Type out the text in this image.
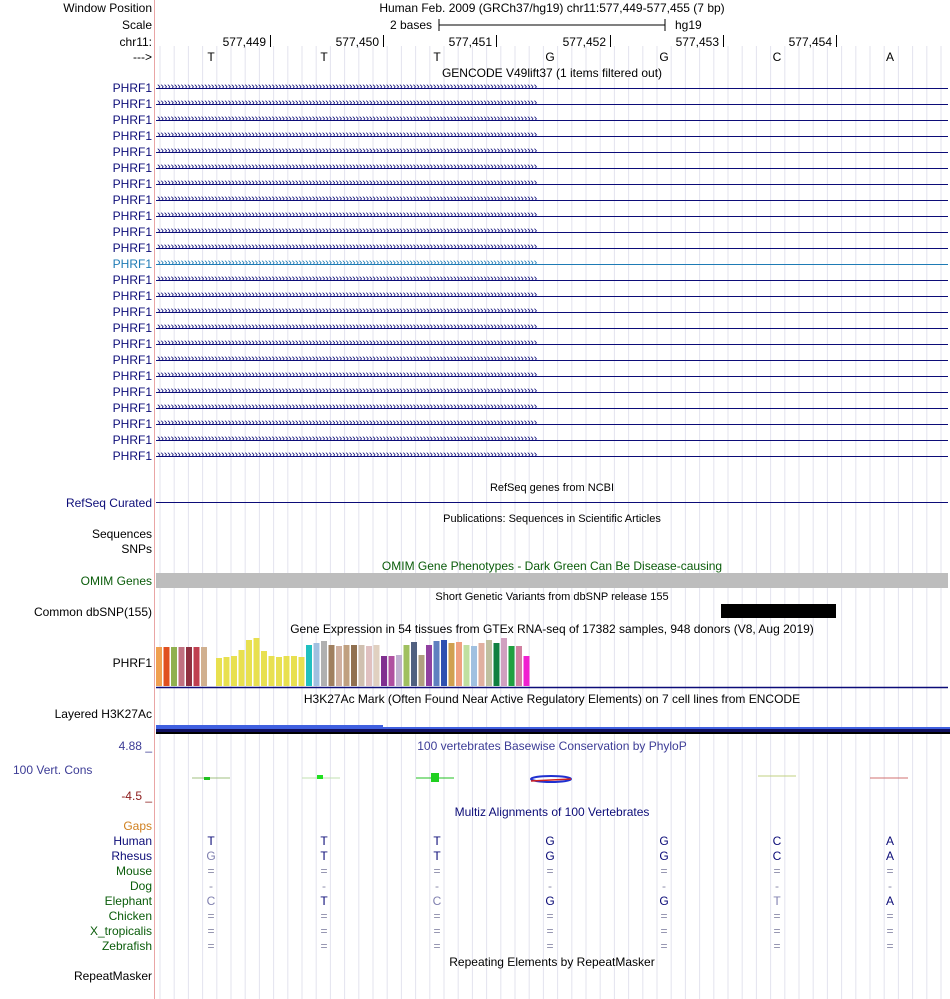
Window Position	Human Feb. 2009 (GRCh37/hg19) chr11:577,449-577,455 (7 bp)
Scale	2 bases	hg19
chr11:	577,449	577,450	577,451	577,452	577,453	577,454
--->	T	T	T	G	G	C	A
GENCODE V49lift37 (1 items filtered out)
PHRF1 ›››››››››››››››››››››››››››››››››››››››››››››››››››››››››››››››››››››››››››››››››››››››››››››››››››››››››››››››››
PHRF1 ›››››››››››››››››››››››››››››››››››››››››››››››››››››››››››››››››››››››››››››››››››››››››››››››››››››››››››››››››
PHRF1 ›››››››››››››››››››››››››››››››››››››››››››››››››››››››››››››››››››››››››››››››››››››››››››››››››››››››››››››››››
PHRF1 ›››››››››››››››››››››››››››››››››››››››››››››››››››››››››››››››››››››››››››››››››››››››››››››››››››››››››››››››››
PHRF1 ›››››››››››››››››››››››››››››››››››››››››››››››››››››››››››››››››››››››››››››››››››››››››››››››››››››››››››››››››
PHRF1 ›››››››››››››››››››››››››››››››››››››››››››››››››››››››››››››››››››››››››››››››››››››››››››››››››››››››››››››››››
PHRF1 ›››››››››››››››››››››››››››››››››››››››››››››››››››››››››››››››››››››››››››››››››››››››››››››››››››››››››››››››››
PHRF1 ›››››››››››››››››››››››››››››››››››››››››››››››››››››››››››››››››››››››››››››››››››››››››››››››››››››››››››››››››
PHRF1 ›››››››››››››››››››››››››››››››››››››››››››››››››››››››››››››››››››››››››››››››››››››››››››››››››››››››››››››››››
PHRF1 ›››››››››››››››››››››››››››››››››››››››››››››››››››››››››››››››››››››››››››››››››››››››››››››››››››››››››››››››››
PHRF1 ›››››››››››››››››››››››››››››››››››››››››››››››››››››››››››››››››››››››››››››››››››››››››››››››››››››››››››››››››
PHRF1 ›››››››››››››››››››››››››››››››››››››››››››››››››››››››››››››››››››››››››››››››››››››››››››››››››››››››››››››››››
PHRF1 ›››››››››››››››››››››››››››››››››››››››››››››››››››››››››››››››››››››››››››››››››››››››››››››››››››››››››››››››››
PHRF1 ›››››››››››››››››››››››››››››››››››››››››››››››››››››››››››››››››››››››››››››››››››››››››››››››››››››››››››››››››
PHRF1 ›››››››››››››››››››››››››››››››››››››››››››››››››››››››››››››››››››››››››››››››››››››››››››››››››››››››››››››››››
PHRF1 ›››››››››››››››››››››››››››››››››››››››››››››››››››››››››››››››››››››››››››››››››››››››››››››››››››››››››››››››››
PHRF1 ›››››››››››››››››››››››››››››››››››››››››››››››››››››››››››››››››››››››››››››››››››››››››››››››››››››››››››››››››
PHRF1 ›››››››››››››››››››››››››››››››››››››››››››››››››››››››››››››››››››››››››››››››››››››››››››››››››››››››››››››››››
PHRF1 ›››››››››››››››››››››››››››››››››››››››››››››››››››››››››››››››››››››››››››››››››››››››››››››››››››››››››››››››››
PHRF1 ›››››››››››››››››››››››››››››››››››››››››››››››››››››››››››››››››››››››››››››››››››››››››››››››››››››››››››››››››
PHRF1 ›››››››››››››››››››››››››››››››››››››››››››››››››››››››››››››››››››››››››››››››››››››››››››››››››››››››››››››››››
PHRF1 ›››››››››››››››››››››››››››››››››››››››››››››››››››››››››››››››››››››››››››››››››››››››››››››››››››››››››››››››››
PHRF1 ›››››››››››››››››››››››››››››››››››››››››››››››››››››››››››››››››››››››››››››››››››››››››››››››››››››››››››››››››
PHRF1 ›››››››››››››››››››››››››››››››››››››››››››››››››››››››››››››››››››››››››››››››››››››››››››››››››››››››››››››››››
RefSeq genes from NCBI
RefSeq Curated
Publications: Sequences in Scientific Articles
Sequences
SNPs
OMIM Gene Phenotypes - Dark Green Can Be Disease-causing
OMIM Genes
Short Genetic Variants from dbSNP release 155
Common dbSNP(155)
Gene Expression in 54 tissues from GTEx RNA-seq of 17382 samples, 948 donors (V8, Aug 2019)
PHRF1
H3K27Ac Mark (Often Found Near Active Regulatory Elements) on 7 cell lines from ENCODE
Layered H3K27Ac
4.88 _	100 vertebrates Basewise Conservation by PhyloP
100 Vert. Cons
-4.5 _
Multiz Alignments of 100 Vertebrates
Gaps
Human	T	T	T	G	G	C	A
Rhesus	G	T	T	G	G	C	A
Mouse	=	=	=	=	=	=	=
Dog	-	-	-	-	-	-	-
Elephant	C	T	C	G	G	T	A
Chicken	=	=	=	=	=	=	=
X_tropicalis	=	=	=	=	=	=	=
Zebrafish	=	=	=	=	=	=	=
Repeating Elements by RepeatMasker
RepeatMasker
